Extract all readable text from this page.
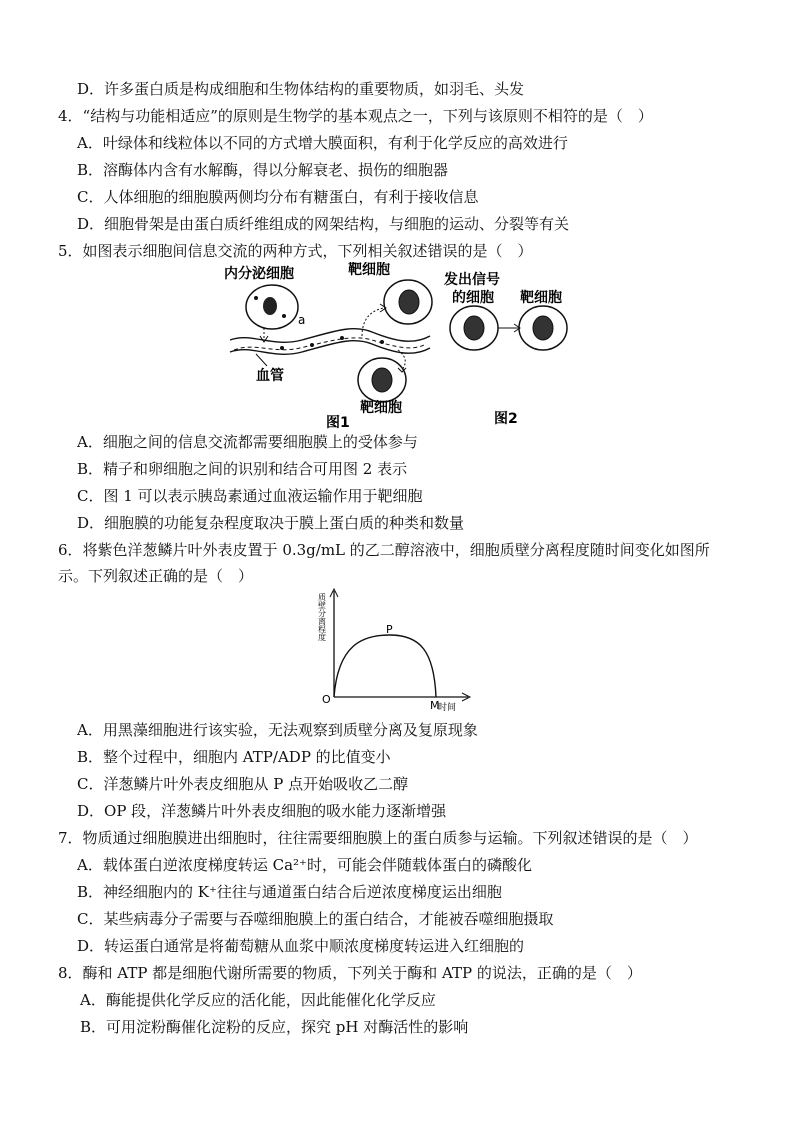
D．许多蛋白质是构成细胞和生物体结构的重要物质，如羽毛、头发
4．“结构与功能相适应”的原则是生物学的基本观点之一，下列与该原则不相符的是（　）
A．叶绿体和线粒体以不同的方式增大膜面积，有利于化学反应的高效进行
B．溶酶体内含有水解酶，得以分解衰老、损伤的细胞器
C．人体细胞的细胞膜两侧均分布有糖蛋白，有利于接收信息
D．细胞骨架是由蛋白质纤维组成的网架结构，与细胞的运动、分裂等有关
5．如图表示细胞间信息交流的两种方式，下列相关叙述错误的是（　）
内分泌细胞
a
血管
靶细胞
靶细胞
图1
发出信号
的细胞 靶细胞
图2
A．细胞之间的信息交流都需要细胞膜上的受体参与
B．精子和卵细胞之间的识别和结合可用图 2 表示
C．图 1 可以表示胰岛素通过血液运输作用于靶细胞
D．细胞膜的功能复杂程度取决于膜上蛋白质的种类和数量
6．将紫色洋葱鳞片叶外表皮置于 0.3g/mL 的乙二醇溶液中，细胞质壁分离程度随时间变化如图所
示。下列叙述正确的是（　）
质壁分离程度
时间
O
P
M
A．用黑藻细胞进行该实验，无法观察到质壁分离及复原现象
B．整个过程中，细胞内 ATP/ADP 的比值变小
C．洋葱鳞片叶外表皮细胞从 P 点开始吸收乙二醇
D．OP 段，洋葱鳞片叶外表皮细胞的吸水能力逐渐增强
7．物质通过细胞膜进出细胞时，往往需要细胞膜上的蛋白质参与运输。下列叙述错误的是（　）
A．载体蛋白逆浓度梯度转运 Ca²⁺时，可能会伴随载体蛋白的磷酸化
B．神经细胞内的 K⁺往往与通道蛋白结合后逆浓度梯度运出细胞
C．某些病毒分子需要与吞噬细胞膜上的蛋白结合，才能被吞噬细胞摄取
D．转运蛋白通常是将葡萄糖从血浆中顺浓度梯度转运进入红细胞的
8．酶和 ATP 都是细胞代谢所需要的物质，下列关于酶和 ATP 的说法，正确的是（　）
A．酶能提供化学反应的活化能，因此能催化化学反应
B．可用淀粉酶催化淀粉的反应，探究 pH 对酶活性的影响
